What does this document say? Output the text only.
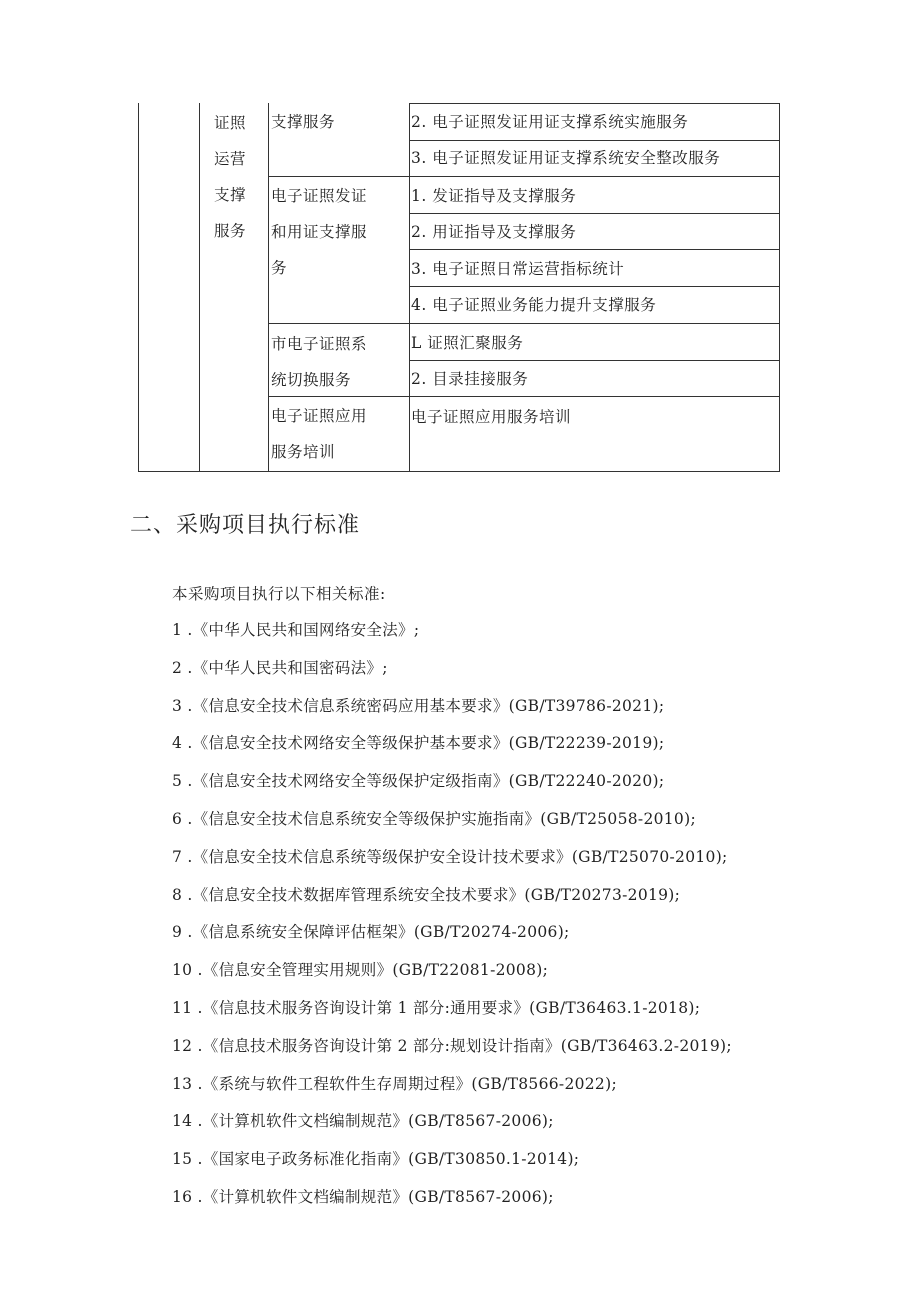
证照
运营
支撑
服务
支撑服务	2. 电子证照发证用证支撑系统实施服务
3. 电子证照发证用证支撑系统安全整改服务
电子证照发证
和用证支撑服
务
1. 发证指导及支撑服务
2. 用证指导及支撑服务
3. 电子证照日常运营指标统计
4. 电子证照业务能力提升支撑服务
市电子证照系
统切换服务
L 证照汇聚服务
2. 目录挂接服务
电子证照应用
服务培训
电子证照应用服务培训
二、采购项目执行标准
本采购项目执行以下相关标准:
1 .《中华人民共和国网络安全法》;
2 .《中华人民共和国密码法》;
3 .《信息安全技术信息系统密码应用基本要求》(GB/T39786-2021);
4 .《信息安全技术网络安全等级保护基本要求》(GB/T22239-2019);
5 .《信息安全技术网络安全等级保护定级指南》(GB/T22240-2020);
6 .《信息安全技术信息系统安全等级保护实施指南》(GB/T25058-2010);
7 .《信息安全技术信息系统等级保护安全设计技术要求》(GB/T25070-2010);
8 .《信息安全技术数据库管理系统安全技术要求》(GB/T20273-2019);
9 .《信息系统安全保障评估框架》(GB/T20274-2006);
10 .《信息安全管理实用规则》(GB/T22081-2008);
11 .《信息技术服务咨询设计第 1 部分:通用要求》(GB/T36463.1-2018);
12 .《信息技术服务咨询设计第 2 部分:规划设计指南》(GB/T36463.2-2019);
13 .《系统与软件工程软件生存周期过程》(GB/T8566-2022);
14 .《计算机软件文档编制规范》(GB/T8567-2006);
15 .《国家电子政务标准化指南》(GB/T30850.1-2014);
16 .《计算机软件文档编制规范》(GB/T8567-2006);
